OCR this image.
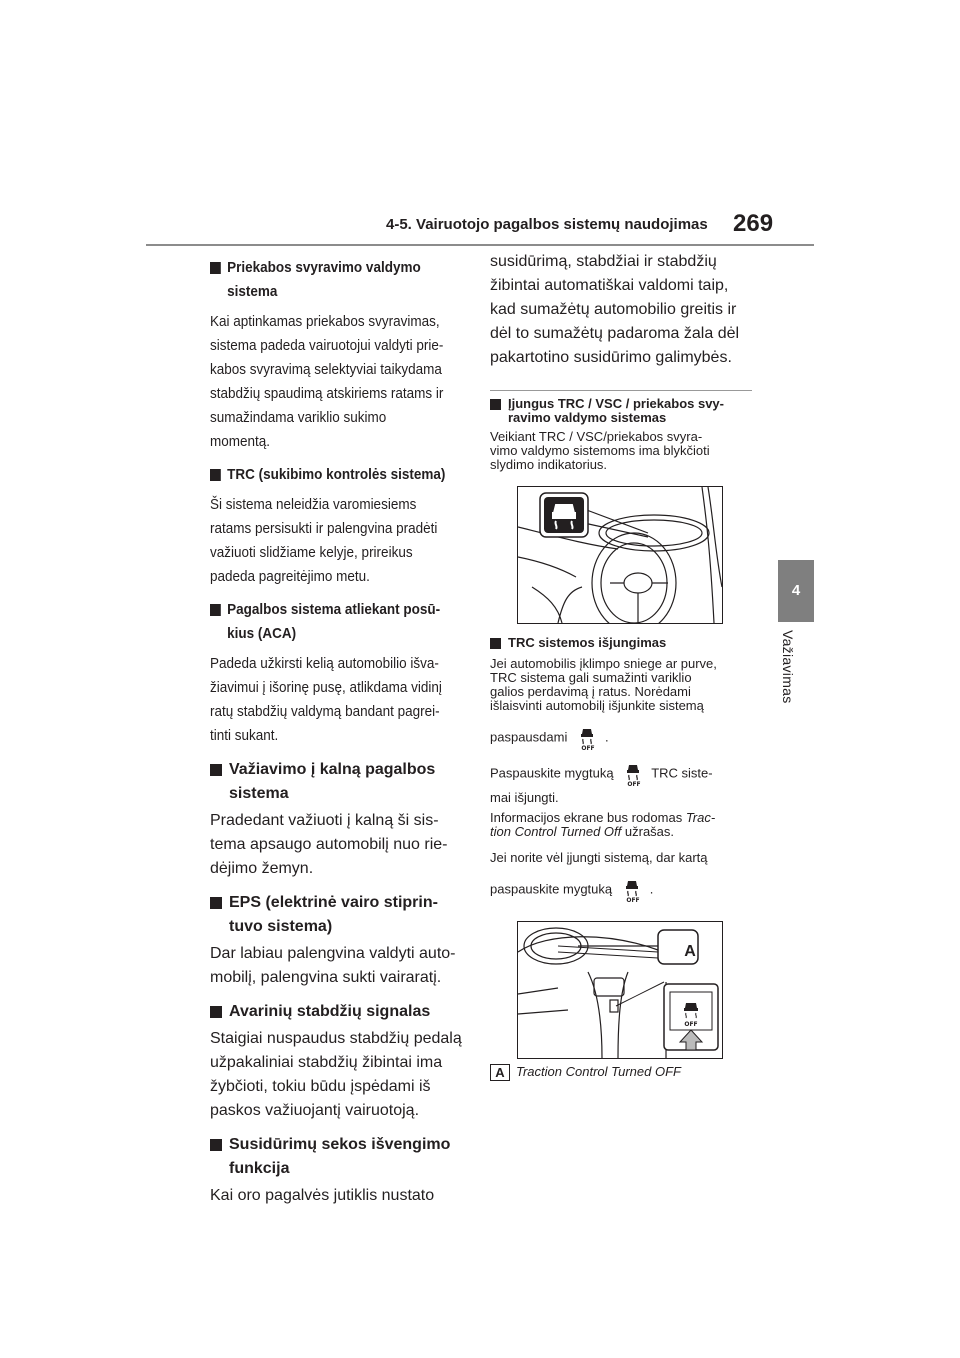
4-5. Vairuotojo pagalbos sistemų naudojimas 269
4
Važiavimas
Priekabos svyravimo valdymo
sistema

Kai aptinkamas priekabos svyravimas,

sistema padeda vairuotojui valdyti prie-

kabos svyravimą selektyviai taikydama

stabdžių spaudimą atskiriems ratams ir

sumažindama variklio sukimo

momentą.

TRC (sukibimo kontrolės sistema)

Ši sistema neleidžia varomiesiems

ratams persisukti ir palengvina pradėti

važiuoti slidžiame kelyje, prireikus

padeda pagreitėjimo metu.

Pagalbos sistema atliekant posū-
kius (ACA)

Padeda užkirsti kelią automobilio išva-

žiavimui į išorinę pusę, atlikdama vidinį

ratų stabdžių valdymą bandant pagrei-

tinti sukant.

Važiavimo į kalną pagalbos
sistema

Pradedant važiuoti į kalną ši sis-

tema apsaugo automobilį nuo rie-

dėjimo žemyn.

EPS (elektrinė vairo stiprin-
tuvo sistema)

Dar labiau palengvina valdyti auto-

mobilį, palengvina sukti vairaratį.

Avarinių stabdžių signalas

Staigiai nuspaudus stabdžių pedalą

užpakaliniai stabdžių žibintai ima

žybčioti, tokiu būdu įspėdami iš

paskos važiuojantį vairuotoją.

Susidūrimų sekos išvengimo
funkcija

Kai oro pagalvės jutiklis nustato

susidūrimą, stabdžiai ir stabdžių

žibintai automatiškai valdomi taip,

kad sumažėtų automobilio greitis ir

dėl to sumažėtų padaroma žala dėl

pakartotino susidūrimo galimybės.

Įjungus TRC / VSC / priekabos svy-
ravimo valdymo sistemas

Veikiant TRC / VSC/priekabos svyra-

vimo valdymo sistemoms ima blykčioti

slydimo indikatorius.

TRC sistemos išjungimas

Jei automobilis įklimpo sniege ar purve,

TRC sistema gali sumažinti variklio

galios perdavimą į ratus. Norėdami

išlaisvinti automobilį išjunkite sistemą

paspausdami
OFF
.

Paspauskite mygtuką
OFF
TRC siste-

mai išjungti.

Informacijos ekrane bus rodomas Trac-

tion Control Turned Off užrašas.

Jei norite vėl įjungti sistemą, dar kartą

paspauskite mygtuką
OFF
.

A
OFF
A Traction Control Turned OFF
